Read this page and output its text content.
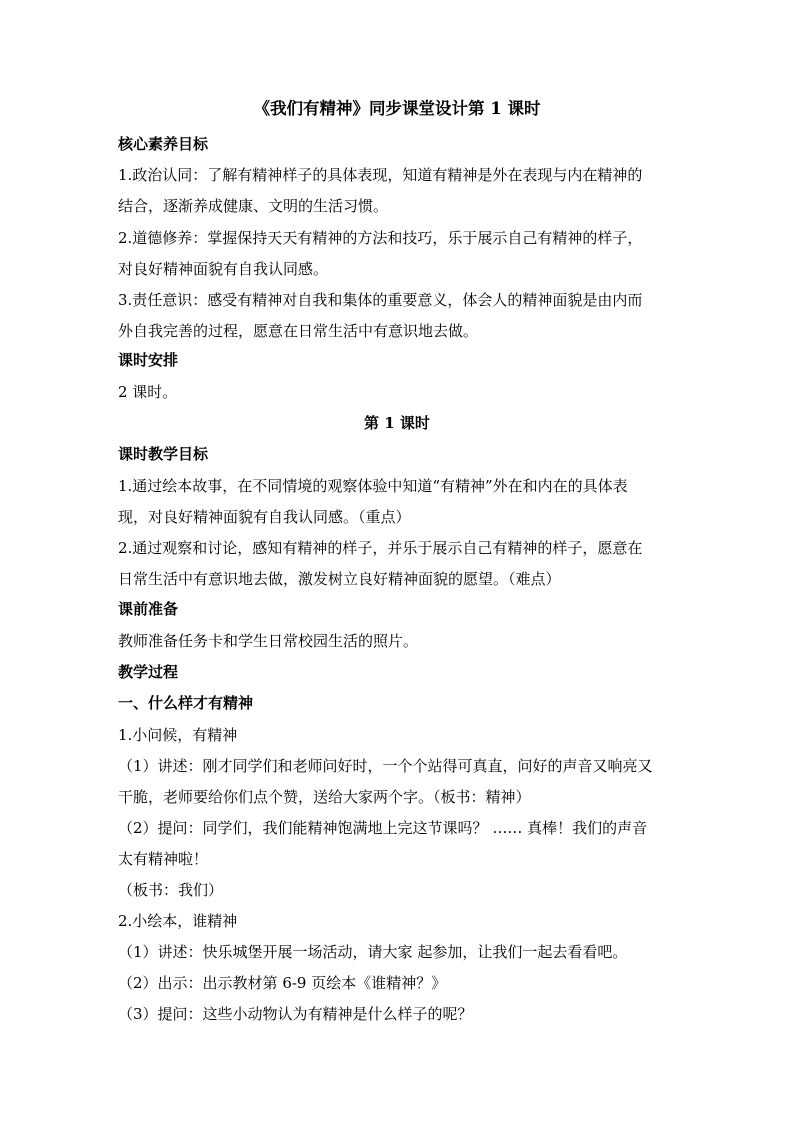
《我们有精神》同步课堂设计第 1 课时
核心素养目标
1.政治认同：了解有精神样子的具体表现，知道有精神是外在表现与内在精神的
结合，逐渐养成健康、文明的生活习惯。
2.道德修养：掌握保持天天有精神的方法和技巧，乐于展示自己有精神的样子，
对良好精神面貌有自我认同感。
3.责任意识：感受有精神对自我和集体的重要意义，体会人的精神面貌是由内而
外自我完善的过程，愿意在日常生活中有意识地去做。
课时安排
2 课时。
第 1 课时
课时教学目标
1.通过绘本故事，在不同情境的观察体验中知道“有精神”外在和内在的具体表
现，对良好精神面貌有自我认同感。（重点）
2.通过观察和讨论，感知有精神的样子，并乐于展示自己有精神的样子，愿意在
日常生活中有意识地去做，激发树立良好精神面貌的愿望。（难点）
课前准备
教师准备任务卡和学生日常校园生活的照片。
教学过程
一、什么样才有精神
1.小问候，有精神
（1）讲述：刚才同学们和老师问好时，一个个站得可真直，问好的声音又响亮又
干脆，老师要给你们点个赞，送给大家两个字。（板书：精神）
（2）提问：同学们，我们能精神饱满地上完这节课吗？ …… 真棒！我们的声音
太有精神啦！
（板书：我们）
2.小绘本，谁精神
（1）讲述：快乐城堡开展一场活动，请大家 起参加，让我们一起去看看吧。
（2）出示：出示教材第 6-9 页绘本《谁精神？》
（3）提问：这些小动物认为有精神是什么样子的呢？
